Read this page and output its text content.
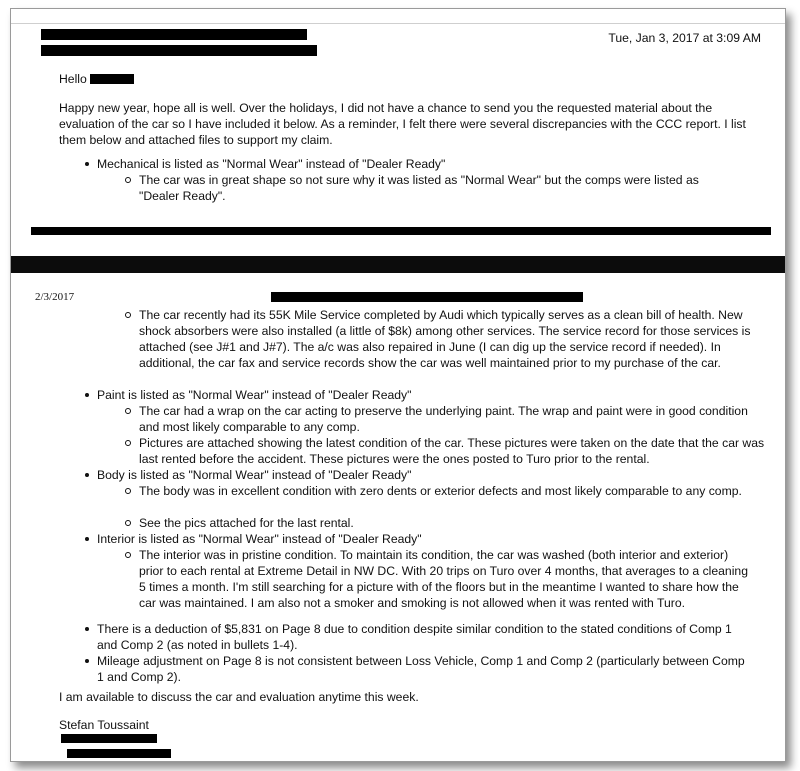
Tue, Jan 3, 2017 at 3:09 AM
Hello
Happy new year, hope all is well. Over the holidays, I did not have a chance to send you the requested material about the evaluation of the car so I have included it below. As a reminder, I felt there were several discrepancies with the CCC report. I list them below and attached files to support my claim.
Mechanical is listed as "Normal Wear" instead of "Dealer Ready"
The car was in great shape so not sure why it was listed as "Normal Wear" but the comps were listed as "Dealer Ready".
2/3/2017
The car recently had its 55K Mile Service completed by Audi which typically serves as a clean bill of health. New shock absorbers were also installed (a little of $8k) among other services. The service record for those services is attached (see J#1 and J#7). The a/c was also repaired in June (I can dig up the service record if needed). In additional, the car fax and service records show the car was well maintained prior to my purchase of the car.
Paint is listed as "Normal Wear" instead of "Dealer Ready"
The car had a wrap on the car acting to preserve the underlying paint. The wrap and paint were in good condition and most likely comparable to any comp.
Pictures are attached showing the latest condition of the car. These pictures were taken on the date that the car was last rented before the accident. These pictures were the ones posted to Turo prior to the rental.
Body is listed as "Normal Wear" instead of "Dealer Ready"
The body was in excellent condition with zero dents or exterior defects and most likely comparable to any comp.
See the pics attached for the last rental.
Interior is listed as "Normal Wear" instead of "Dealer Ready"
The interior was in pristine condition. To maintain its condition, the car was washed (both interior and exterior) prior to each rental at Extreme Detail in NW DC. With 20 trips on Turo over 4 months, that averages to a cleaning 5 times a month. I'm still searching for a picture with of the floors but in the meantime I wanted to share how the car was maintained. I am also not a smoker and smoking is not allowed when it was rented with Turo.
There is a deduction of $5,831 on Page 8 due to condition despite similar condition to the stated conditions of Comp 1 and Comp 2 (as noted in bullets 1-4).
Mileage adjustment on Page 8 is not consistent between Loss Vehicle, Comp 1 and Comp 2 (particularly between Comp 1 and Comp 2).
I am available to discuss the car and evaluation anytime this week.
Stefan Toussaint
